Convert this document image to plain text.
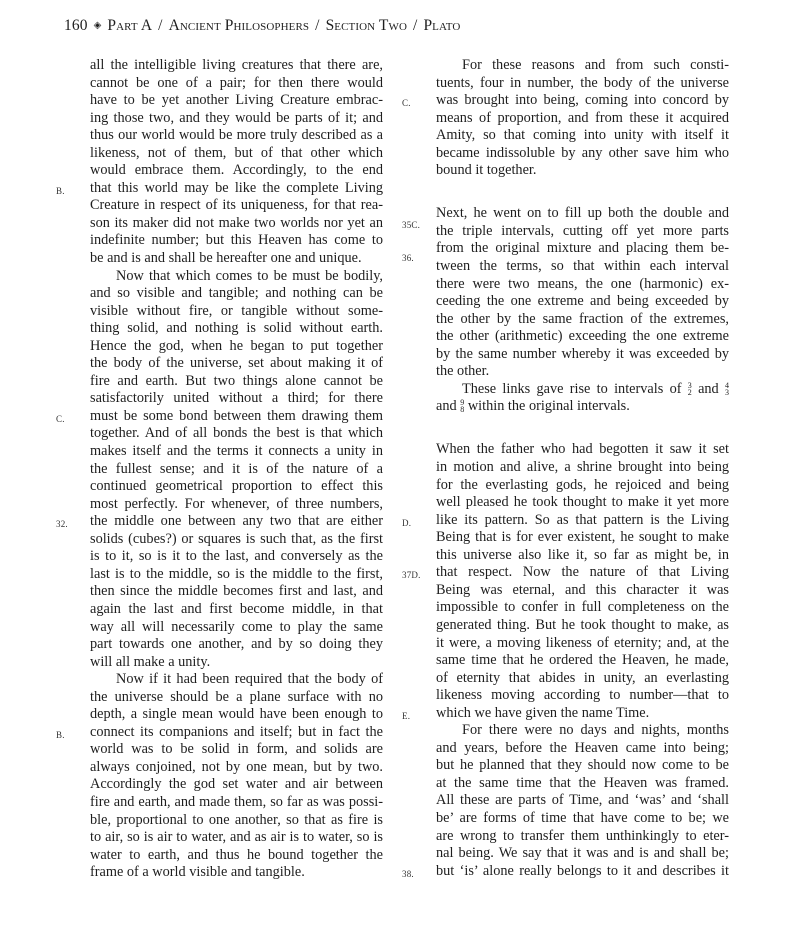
160 ◈ Part A / Ancient Philosophers / Section Two / Plato
all the intelligible living creatures that there are,
cannot be one of a pair; for then there would
have to be yet another Living Creature embrac-
ing those two, and they would be parts of it; and
thus our world would be more truly described as a
likeness, not of them, but of that other which
would embrace them. Accordingly, to the end
that this world may be like the complete Living
B.
Creature in respect of its uniqueness, for that rea-
son its maker did not make two worlds nor yet an
indefinite number; but this Heaven has come to
be and is and shall be hereafter one and unique.
Now that which comes to be must be bodily,
and so visible and tangible; and nothing can be
visible without fire, or tangible without some-
thing solid, and nothing is solid without earth.
Hence the god, when he began to put together
the body of the universe, set about making it of
fire and earth. But two things alone cannot be
satisfactorily united without a third; for there
must be some bond between them drawing them
C.
together. And of all bonds the best is that which
makes itself and the terms it connects a unity in
the fullest sense; and it is of the nature of a
continued geometrical proportion to effect this
most perfectly. For whenever, of three numbers,
the middle one between any two that are either
32.
solids (cubes?) or squares is such that, as the first
is to it, so is it to the last, and conversely as the
last is to the middle, so is the middle to the first,
then since the middle becomes first and last, and
again the last and first become middle, in that
way all will necessarily come to play the same
part towards one another, and by so doing they
will all make a unity.
Now if it had been required that the body of
the universe should be a plane surface with no
depth, a single mean would have been enough to
connect its companions and itself; but in fact the
B.
world was to be solid in form, and solids are
always conjoined, not by one mean, but by two.
Accordingly the god set water and air between
fire and earth, and made them, so far as was possi-
ble, proportional to one another, so that as fire is
to air, so is air to water, and as air is to water, so is
water to earth, and thus he bound together the
frame of a world visible and tangible.
For these reasons and from such consti-
tuents, four in number, the body of the universe
was brought into being, coming into concord by
C.
means of proportion, and from these it acquired
Amity, so that coming into unity with itself it
became indissoluble by any other save him who
bound it together.
Next, he went on to fill up both the double and
the triple intervals, cutting off yet more parts
35C.
from the original mixture and placing them be-
36.	tween the terms, so that within each interval
there were two means, the one (harmonic) ex-
ceeding the one extreme and being exceeded by
the other by the same fraction of the extremes,
the other (arithmetic) exceeding the one extreme
by the same number whereby it was exceeded by
the other.
These links gave rise to intervals of 3
2 and 4
3
and 9
8 within the original intervals.
When the father who had begotten it saw it set
in motion and alive, a shrine brought into being
for the everlasting gods, he rejoiced and being
well pleased he took thought to make it yet more
like its pattern. So as that pattern is the Living
D.
Being that is for ever existent, he sought to make
this universe also like it, so far as might be, in
that respect. Now the nature of that Living
37D.
Being was eternal, and this character it was
impossible to confer in full completeness on the
generated thing. But he took thought to make, as
it were, a moving likeness of eternity; and, at the
same time that he ordered the Heaven, he made,
of eternity that abides in unity, an everlasting
likeness moving according to number—that to
which we have given the name Time.
E.
For there were no days and nights, months
and years, before the Heaven came into being;
but he planned that they should now come to be
at the same time that the Heaven was framed.
All these are parts of Time, and ‘was’ and ‘shall
be’ are forms of time that have come to be; we
are wrong to transfer them unthinkingly to eter-
nal being. We say that it was and is and shall be;
but ‘is’ alone really belongs to it and describes it
38.
